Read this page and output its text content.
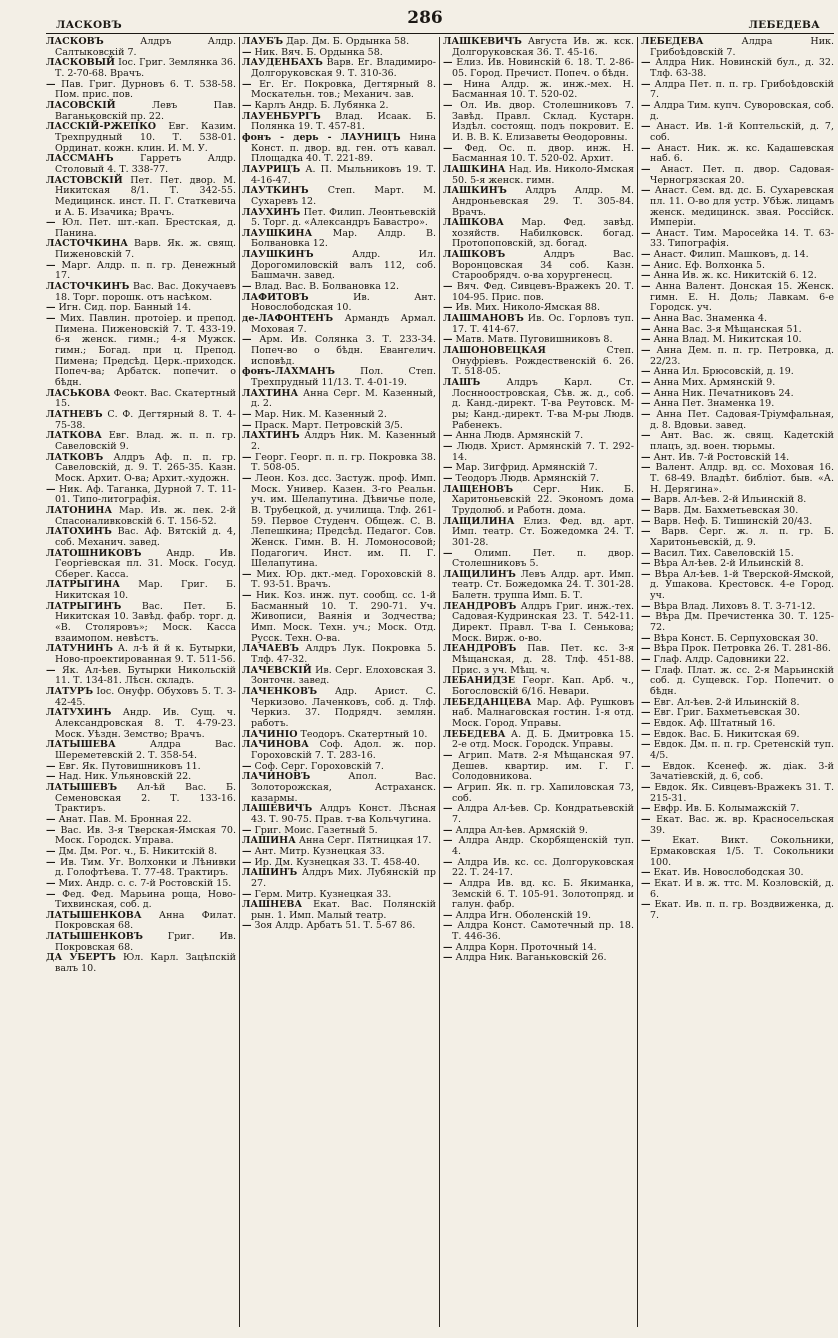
ЛАСКОВЪ	286	ЛЕБЕДЕВА

ЛАСКОВЪ Алдръ Алдр. Салтыковскій 7.

ЛАСКОВЫЙ Іос. Григ. Землянка 36. Т. 2-70-68. Врачъ.

— Пав. Григ. Дурновъ 6. Т. 538-58. Пом. прис. пов.

ЛАСОВСКІЙ Левъ Пав. Ваганьковскій пр. 22.

ЛАССКІЙ-РЖЕПКО Евг. Казим. Трехпрудный 10. Т. 538-01. Ординат. кожн. клин. И. М. У.

ЛАССМАНЪ Гарретъ Алдр. Столовый 4. Т. 338-77.

ЛАСТОВСКІЙ Пет. Пет. двор. М. Никитская 8/1. Т. 342-55. Медицинск. инст. П. Г. Статкевича и А. Б. Изачика; Врачъ.

— Юл. Пет. шт.-кап. Брестская, д. Панина.

ЛАСТОЧКИНА Варв. Як. ж. свящ. Пиженовскій 7.

— Марг. Алдр. п. п. гр. Денежный 17.

ЛАСТОЧКИНЪ Вас. Вас. Докучаевъ 18. Торг. порошк. отъ насѣком.

— Игн. Сид. пор. Банный 14.

— Мих. Павлин. протоіер. и препод. Пимена. Пиженовскій 7. Т. 433-19. 6-я женск. гимн.; 4-я Мужск. гимн.; Богад. при ц. Препод. Пимена; Предсѣд. Церк.-приходск. Попеч-ва; Арбатск. попечит. о бѣдн.

ЛАСЬКОВА Феокт. Вас. Скатертный 15.

ЛАТНЕВЪ С. Ф. Дегтярный 8. Т. 4-75-38.

ЛАТКОВА Евг. Влад. ж. п. п. гр. Савеловскій 9.

ЛАТКОВЪ Алдръ Аф. п. п. гр. Савеловскій, д. 9. Т. 265-35. Казн. Моск. Архит. О-ва; Архит.-художн.

— Ник. Аф. Таганка, Дурной 7. Т. 11-01. Типо-литографія.

ЛАТОНИНА Мар. Ив. ж. пек. 2-й Спасоналивковскій 6. Т. 156-52.

ЛАТОХИНЪ Вас. Аф. Вятскій д. 4, соб. Механич. завед.

ЛАТОШНИКОВЪ Андр. Ив. Георгіевская пл. 31. Моск. Госуд. Сберег. Касса.

ЛАТРЫГИНА Мар. Григ. Б. Никитская 10.

ЛАТРЫГИНЪ Вас. Пет. Б. Никитская 10. Завѣд. фабр. торг. д. «В. Столяровъ»; Моск. Касса взаимопом. невѣстъ.

ЛАТУНИНЪ А. л-ѣ й й к. Бутырки, Ново-проектированная 9. Т. 511-56.

— Як. Ал-ѣев. Бутырки Никольскій 11. Т. 134-81. Лѣсн. складъ.

ЛАТУРЪ Іос. Онуфр. Обуховъ 5. Т. 3-42-45.

ЛАТУХИНЪ Андр. Ив. Сущ. ч. Александровская 8. Т. 4-79-23. Моск. Уѣздн. Земство; Врачъ.

ЛАТЫШЕВА Алдра Вас. Шереметевскій 2. Т. 358-54.

— Евг. Як. Путовишниковъ 11.

— Над. Ник. Ульяновскій 22.

ЛАТЫШЕВЪ Ал-ѣй Вас. Б. Семеновская 2. Т. 133-16. Трактиръ.

— Анат. Пав. М. Бронная 22.

— Вас. Ив. 3-я Тверская-Ямская 70. Моск. Городск. Управа.

— Дм. Дм. Рог. ч., Б. Никитскій 8.

— Ив. Тим. Уг. Волхонки и Лѣнивки д. Голофтѣева. Т. 77-48. Трактиръ.

— Мих. Андр. с. с. 7-й Ростовскій 15.

— Фед. Фед. Марьина роща, Ново-Тихвинская, соб. д.

ЛАТЫШЕНКОВА Анна Филат. Покровская 68.

ЛАТЫШЕНКОВЪ Григ. Ив. Покровская 68.

ДА УБЕРТЪ Юл. Карл. Зацѣпскій валъ 10.

ЛАУБЪ Дар. Дм. Б. Ордынка 58.

— Ник. Вяч. Б. Ордынка 58.

ЛАУДЕНБАХЪ Варв. Ег. Владимиро-Долгоруковская 9. Т. 310-36.

— Ег. Ег. Покровка, Дегтярный 8. Москательн. тов.; Механич. зав.

— Карлъ Андр. Б. Лубянка 2.

ЛАУЕНБУРГЪ Влад. Исаак. Б. Полянка 19. Т. 457-81.

фонъ - дерь - ЛАУНИЦЪ Нина Конст. п. двор. вд. ген. отъ кавал. Площадка 40. Т. 221-89.

ЛАУРИЦЪ А. П. Мыльниковъ 19. Т. 4-16-47.

ЛАУТКИНЪ Степ. Март. М. Сухаревъ 12.

ЛАУХИНЪ Пет. Филип. Леонтьевскій 5. Торг. д. «Александръ Бавастро».

ЛАУШКИНА Мар. Алдр. В. Болвановка 12.

ЛАУШКИНЪ Алдр. Ил. Дорогомиловскій валъ 112, соб. Башмачн. завед.

— Влад. Вас. В. Болвановка 12.

ЛАФИТОВЪ Ив. Ант. Новослободская 10.

де-ЛАФОНТЕНЪ Армандъ Армал. Моховая 7.

— Арм. Ив. Солянка 3. Т. 233-34. Попеч-во о бѣдн. Евангелич. исповѣд.

фонъ-ЛАХМАНЪ Пол. Степ. Трехпрудный 11/13. Т. 4-01-19.

ЛАХТИНА Анна Серг. М. Казенный, д. 2.

— Мар. Ник. М. Казенный 2.

— Праск. Март. Петровскій 3/5.

ЛАХТИНЪ Алдръ Ник. М. Казенный 2.

— Георг. Георг. п. п. гр. Покровка 38. Т. 508-05.

— Леон. Коз. дсс. Застуж. проф. Имп. Моск. Универ. Казен. 3-го Реальн. уч. им. Шелапутина. Дѣвичье поле, В. Трубецкой, д. училища. Тлф. 261-59. Первое Студенч. Общеж. С. В. Лепешкина; Предсѣд. Педагог. Сов. Женск. Гимн. В. Н. Ломоносовой; Подагогич. Инст. им. П. Г. Шелапутина.

— Мих. Юр. дкт.-мед. Гороховскій 8. Т. 93-51. Врачъ.

— Ник. Коз. инж. пут. сообщ. сс. 1-й Басманный 10. Т. 290-71. Уч. Живописи, Ваянія и Зодчества; Имп. Моск. Техн. уч.; Моск. Отд. Русск. Техн. О-ва.

ЛАЧАЕВЪ Алдръ Лук. Покровка 5. Тлф. 47-32.

ЛАЧЕВСКІЙ Ив. Серг. Елоховская 3. Зонточн. завед.

ЛАЧЕНКОВЪ Адр. Арист. С. Черкизово. Лаченковъ, соб. д. Тлф. Черкиз. 37. Подрядч. землян. работъ.

ЛАЧИНІО Теодоръ. Скатертный 10.

ЛАЧИНОВА Соф. Адол. ж. пор. Гороховскій 7. Т. 283-16.

— Соф. Серг. Гороховскій 7.

ЛАЧИНОВЪ Апол. Вас. Золоторожская, Астраханск. казармы.

ЛАШЕВИЧЪ Алдръ Конст. Лѣсная 43. Т. 90-75. Прав. т-ва Кольчугина.

— Григ. Моис. Газетный 5.

ЛАШИНА Анна Серг. Пятницкая 17.

— Ант. Митр. Кузнецкая 33.

— Ир. Дм. Кузнецкая 33. Т. 458-40.

ЛАШИНЪ Алдръ Мих. Лубянскій пр 27.

— Герм. Митр. Кузнецкая 33.

ЛАШНЕВА Екат. Вас. Полянскій рын. 1. Имп. Малый театр.

— Зоя Алдр. Арбатъ 51. Т. 5-67 86.

ЛАШКЕВИЧЪ Августа Ив. ж. кск. Долгоруковская 36. Т. 45-16.

— Елиз. Ив. Новинскій 6. 18. Т. 2-86-05. Город. Пречист. Попеч. о бѣдн.

— Нина Алдр. ж. инж.-мех. Н. Басманная 10. Т. 520-02.

— Ол. Ив. двор. Столешниковъ 7. Завѣд. Правл. Склад. Кустарн. Издѣл. состоящ. подъ покровит. Е. И. В. В. К. Елизаветы Ѳеодоровны.

— Фед. Ос. п. двор. инж. Н. Басманная 10. Т. 520-02. Архит.

ЛАШКИНА Над. Ив. Николо-Ямская 50. 5-я женск. гимн.

ЛАШКИНЪ Алдръ Алдр. М. Андроньевская 29. Т. 305-84. Врачъ.

ЛАШКОВА Мар. Фед. завѣд. хозяйств. Набилковск. богад. Протопоповскій, зд. богад.

ЛАШКОВЪ Алдръ Вас. Воронцовская 34 соб. Казн. Старообрядч. о-ва хорургенесц.

— Вяч. Фед. Сивцевъ-Вражекъ 20. Т. 104-95. Прис. пов.

— Ив. Мих. Николо-Ямская 88.

ЛАШМАНОВЪ Ив. Ос. Горловъ туп. 17. Т. 414-67.

— Матв. Матв. Пуговишниковъ 8.

ЛАШОНОВЕЦКАЯ Степ. Онуфріевъ. Рождественскій 6. 26. Т. 518-05.

ЛАШЪ Алдръ Карл. Ст. Лоснноостровская, Сѣв. ж. д., соб. д. Канд.-директ. Т-ва Реутовск. М-ры; Канд.-директ. Т-ва М-ры Людв. Рабенекъ.

— Анна Людв. Армянскій 7.

— Людв. Христ. Армянскій 7. Т. 292-14.

— Мар. Зигфрид. Армянскій 7.

— Теодоръ Людв. Армянскій 7.

ЛАЩЕНОВЪ Серг. Ник. Б. Харитоньевскій 22. Экономъ дома Трудолюб. и Работн. дома.

ЛАЩИЛИНА Елиз. Фед. вд. арт. Имп. театр. Ст. Божедомка 24. Т. 301-28.

— Олимп. Пет. п. двор. Столешниковъ 5.

ЛАЩИЛИНЪ Левъ Алдр. арт. Имп. театр. Ст. Божедомка 24. Т. 301-28. Балетн. труппа Имп. Б. Т.

ЛЕАНДРОВЪ Алдръ Григ. инж.-тех. Садовая-Кудринская 23. Т. 542-11. Директ. Правл. Т-ва І. Сенькова; Моск. Вирж. о-во.

ЛЕАНДРОВЪ Пав. Пет. кс. 3-я Мѣщанская, д. 28. Тлф. 451-88. Прис. з уч. Мѣщ. ч.

ЛЕБАНИДЗЕ Георг. Кап. Арб. ч., Богословскій 6/16. Невари.

ЛЕБЕДАНЦЕВА Мар. Аф. Рушковъ наб. Малнаговская гостин. 1-я отд. Моск. Город. Управы.

ЛЕБЕДЕВА А. Д. Б. Дмитровка 15. 2-е отд. Моск. Городск. Управы.

— Агрип. Матв. 2-я Мѣщанская 97. Дешев. квартир. им. Г. Г. Солодовникова.

— Агрип. Як. п. гр. Хапиловская 73, соб.

— Алдра Ал-ѣев. Ср. Кондратьевскій 7.

— Алдра Ал-ѣев. Армяскій 9.

— Алдра Андр. Скорбященскій туп. 4.

— Алдра Ив. кс. сс. Долгоруковская 22. Т. 24-17.

— Алдра Ив. вд. кс. Б. Якиманка, Земскій 6. Т. 105-91. Золотопряд. и галун. фабр.

— Алдра Игн. Оболенскій 19.

— Алдра Конст. Самотечный пр. 18. Т. 446-36.

— Алдра Корн. Проточный 14.

— Алдра Ник. Ваганьковскій 26.

ЛЕБЕДЕВА Алдра Ник. Грибоѣдовскій 7.

— Алдра Ник. Новинскій бул., д. 32. Тлф. 63-38.

— Алдра Пет. п. п. гр. Грибоѣдовскій 7.

— Алдра Тим. купч. Суворовская, соб. д.

— Анаст. Ив. 1-й Коптельскій, д. 7, соб.

— Анаст. Ник. ж. кс. Кадашевская наб. 6.

— Анаст. Пет. п. двор. Садовая-Черногрязская 20.

— Анаст. Сем. вд. дс. Б. Сухаревская пл. 11. О-во для устр. Убѣж. лицамъ женск. медицинск. звая. Россійск. Имперіи.

— Анаст. Тим. Маросейка 14. Т. 63-33. Типографія.

— Анаст. Филип. Машковъ, д. 14.

— Анис. Еф. Волхонка 5.

— Анна Ив. ж. кс. Никитскій 6. 12.

— Анна Валент. Донская 15. Женск. гимн. Е. Н. Доль; Лавкам. 6-е Городск. уч.

— Анна Вас. Знаменка 4.

— Анна Вас. 3-я Мѣщанская 51.

— Анна Влад. М. Никитская 10.

— Анна Дем. п. п. гр. Петровка, д. 22/23.

— Анна Ил. Брюсовскій, д. 19.

— Анна Мих. Армянскій 9.

— Анна Ник. Печатниковъ 24.

— Анна Пет. Знаменка 19.

— Анна Пет. Садовая-Тріумфальная, д. 8. Вдовьи. завед.

— Ант. Вас. ж. свящ. Кадетскій плацъ, зд. воен. тюрьмы.

— Ант. Ив. 7-й Ростовскій 14.

— Валент. Алдр. вд. сс. Моховая 16. Т. 68-49. Владѣт. библіот. быв. «А. Н. Дерягина».

— Варв. Ал-ѣев. 2-й Ильинскій 8.

— Варв. Дм. Бахметьевская 30.

— Варв. Неф. Б. Тишинскій 20/43.

— Варв. Серг. ж. л. п. гр. Б. Харитоньевскій, д. 9.

— Васил. Тих. Савеловскій 15.

— Вѣра Ал-ѣев. 2-й Ильинскій 8.

— Вѣра Ал-ѣев. 1-й Тверской-Ямской, д. Ушакова. Крестовск. 4-е Город. уч.

— Вѣра Влад. Лиховъ 8. Т. 3-71-12.

— Вѣра Дм. Пречистенка 30. Т. 125-72.

— Вѣра Конст. Б. Серпуховская 30.

— Вѣра Прок. Петровка 26. Т. 281-86.

— Глаф. Алдр. Садовники 22.

— Глаф. Плат. ж. сс. 2-я Марьинскій соб. д. Сущевск. Гор. Попечит. о бѣдн.

— Евг. Ал-ѣев. 2-й Ильинскій 8.

— Евг. Григ. Бахметьевская 30.

— Евдок. Аф. Штатный 16.

— Евдок. Вас. Б. Никитская 69.

— Евдок. Дм. п. п. гр. Сретенскій туп. 4/5.

— Евдок. Ксенеф. ж. діак. 3-й Зачатіевскій, д. 6, соб.

— Евдок. Як. Сивцевъ-Вражекъ 31. Т. 215-31.

— Евфр. Ив. Б. Колымажскій 7.

— Екат. Вас. ж. вр. Красносельская 39.

— Екат. Викт. Сокольники, Ермаковская 1/5. Т. Сокольники 100.

— Екат. Ив. Новослободская 30.

— Екат. И в. ж. ттс. М. Козловскій, д. 6.

— Екат. Ив. п. п. гр. Воздвиженка, д. 7.
